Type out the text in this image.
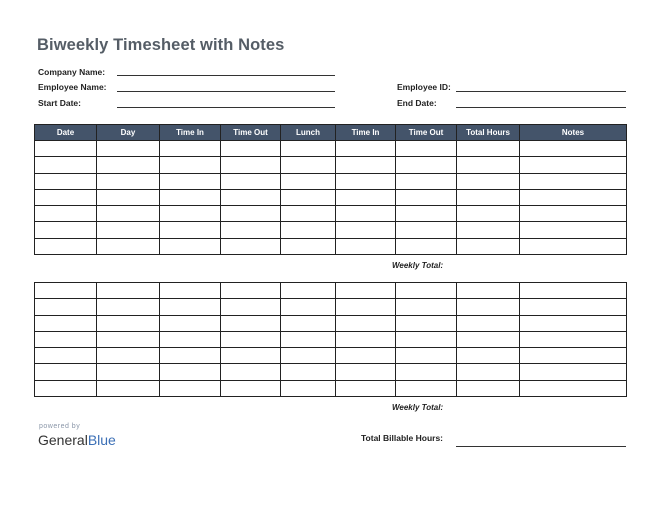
Biweekly Timesheet with Notes
Company Name:
Employee Name:
Start Date:
Employee ID:
End Date:
Date	Day	Time In	Time Out	Lunch	Time In	Time Out	Total Hours	Notes

Weekly Total:

Weekly Total:
powered by
GeneralBlue	Total Billable Hours:
